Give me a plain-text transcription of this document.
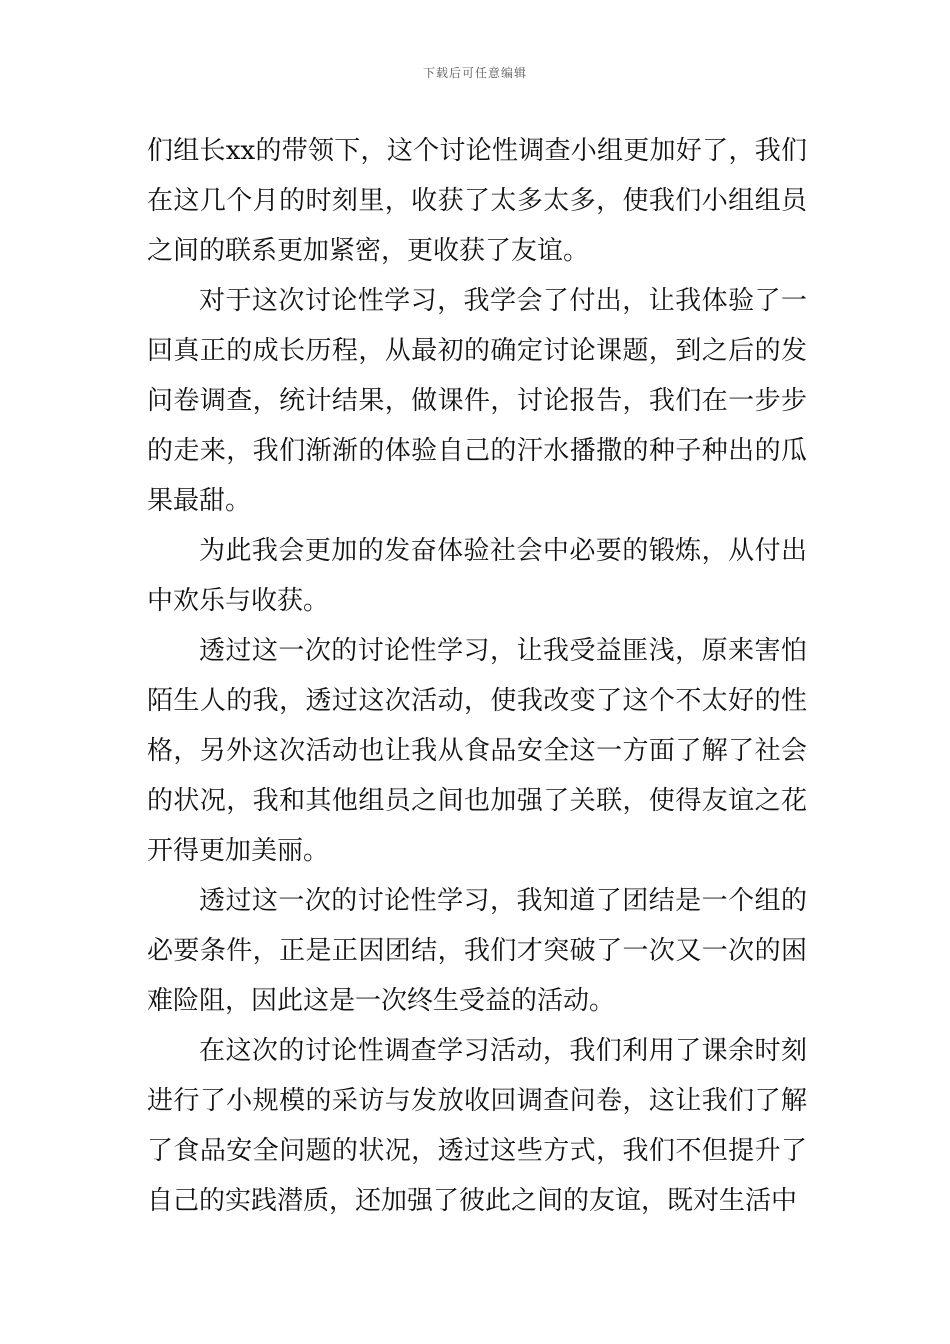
下载后可任意编辑

们组长xx的带领下，这个讨论性调查小组更加好了，我们在这几个月的时刻里，收获了太多太多，使我们小组组员之间的联系更加紧密，更收获了友谊。

对于这次讨论性学习，我学会了付出，让我体验了一回真正的成长历程，从最初的确定讨论课题，到之后的发问卷调查，统计结果，做课件，讨论报告，我们在一步步的走来，我们渐渐的体验自己的汗水播撒的种子种出的瓜果最甜。

为此我会更加的发奋体验社会中必要的锻炼，从付出中欢乐与收获。

透过这一次的讨论性学习，让我受益匪浅，原来害怕陌生人的我，透过这次活动，使我改变了这个不太好的性格，另外这次活动也让我从食品安全这一方面了解了社会的状况，我和其他组员之间也加强了关联，使得友谊之花开得更加美丽。

透过这一次的讨论性学习，我知道了团结是一个组的必要条件，正是正因团结，我们才突破了一次又一次的困难险阻，因此这是一次终生受益的活动。

在这次的讨论性调查学习活动，我们利用了课余时刻进行了小规模的采访与发放收回调查问卷，这让我们了解了食品安全问题的状况，透过这些方式，我们不但提升了自己的实践潜质，还加强了彼此之间的友谊，既对生活中
